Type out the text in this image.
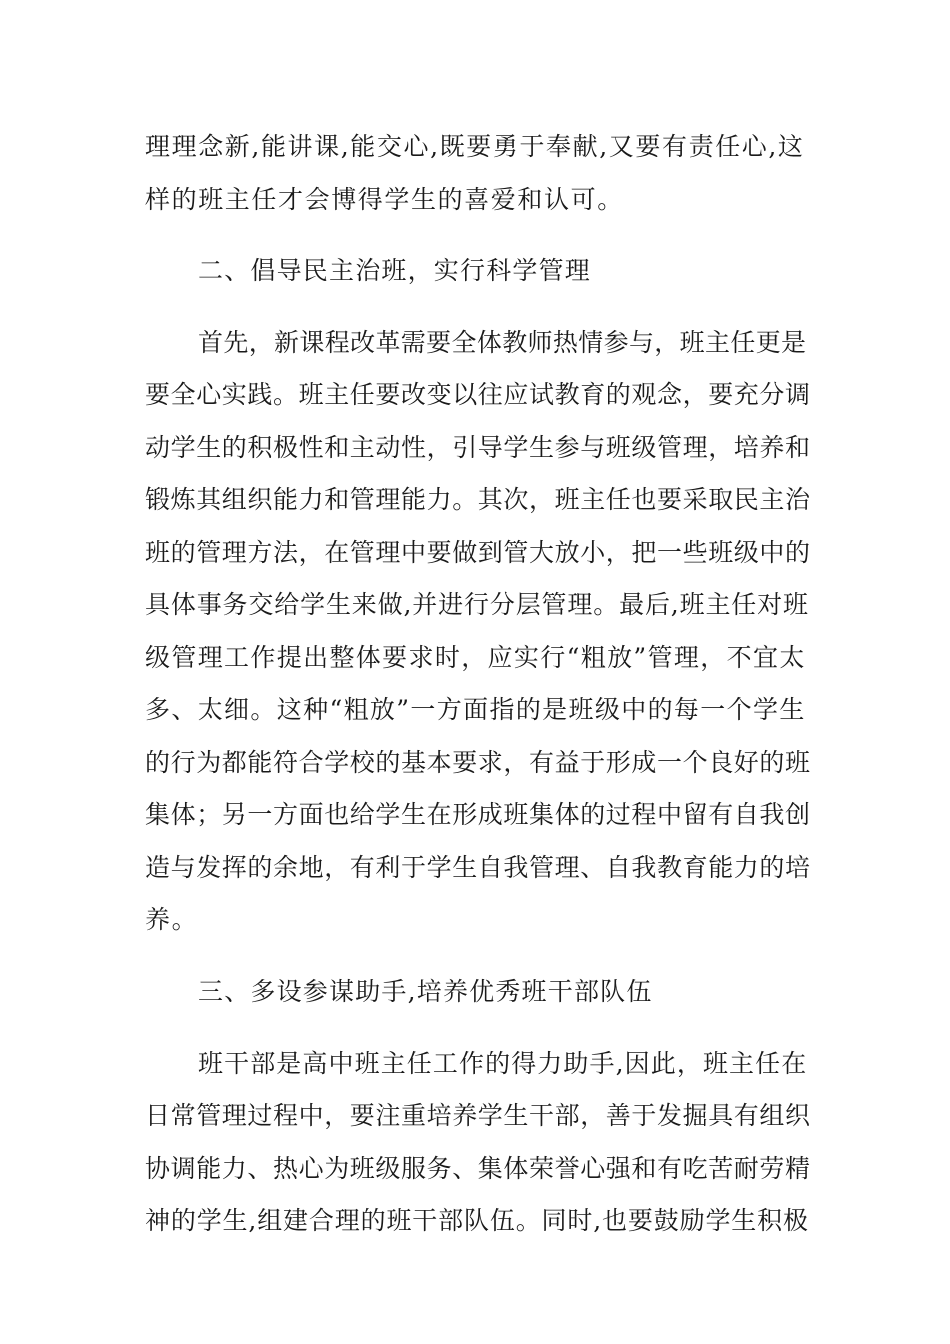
理理念新,能讲课,能交心,既要勇于奉献,又要有责任心,这
样的班主任才会博得学生的喜爱和认可。
二、倡导民主治班，实行科学管理
首先，新课程改革需要全体教师热情参与，班主任更是
要全心实践。班主任要改变以往应试教育的观念，要充分调
动学生的积极性和主动性，引导学生参与班级管理，培养和
锻炼其组织能力和管理能力。其次，班主任也要采取民主治
班的管理方法，在管理中要做到管大放小，把一些班级中的
具体事务交给学生来做,并进行分层管理。最后,班主任对班
级管理工作提出整体要求时，应实行“粗放”管理，不宜太
多、太细。这种“粗放”一方面指的是班级中的每一个学生
的行为都能符合学校的基本要求，有益于形成一个良好的班
集体；另一方面也给学生在形成班集体的过程中留有自我创
造与发挥的余地，有利于学生自我管理、自我教育能力的培
养。
三、多设参谋助手,培养优秀班干部队伍
班干部是高中班主任工作的得力助手,因此，班主任在
日常管理过程中，要注重培养学生干部，善于发掘具有组织
协调能力、热心为班级服务、集体荣誉心强和有吃苦耐劳精
神的学生,组建合理的班干部队伍。同时,也要鼓励学生积极
